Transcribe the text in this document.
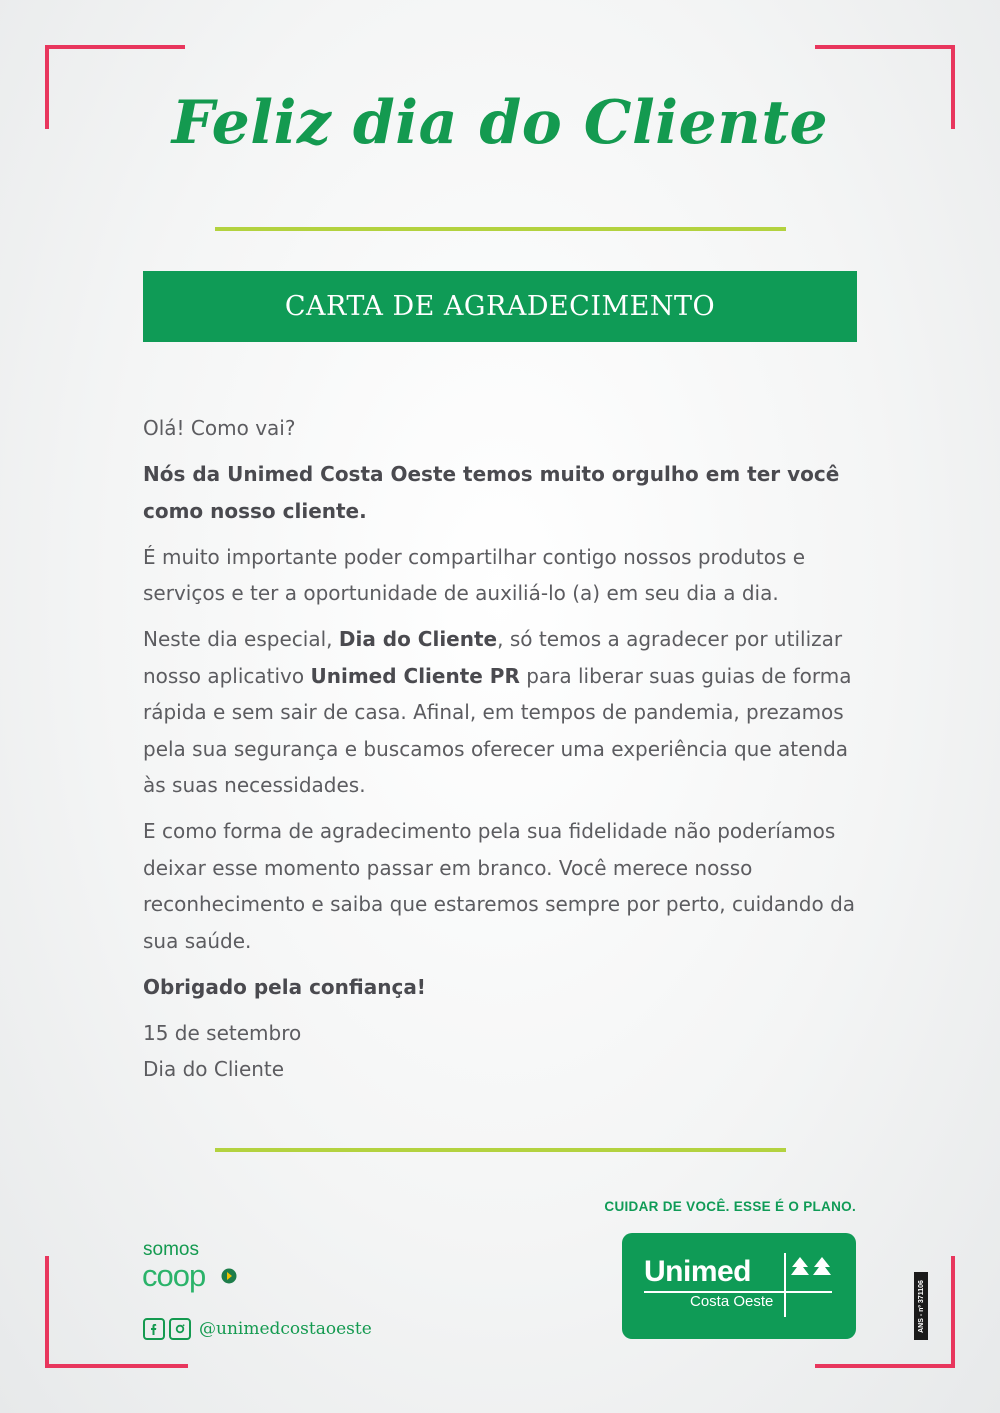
Feliz dia do Cliente
CARTA DE AGRADECIMENTO

Olá! Como vai?

Nós da Unimed Costa Oeste temos muito orgulho em ter você como nosso cliente.

É muito importante poder compartilhar contigo nossos produtos e serviços e ter a oportunidade de auxiliá-lo (a) em seu dia a dia.

Neste dia especial, Dia do Cliente, só temos a agradecer por utilizar nosso aplicativo Unimed Cliente PR para liberar suas guias de forma rápida e sem sair de casa. Afinal, em tempos de pandemia, prezamos pela sua segurança e buscamos oferecer uma experiência que atenda às suas necessidades.

E como forma de agradecimento pela sua fidelidade não poderíamos deixar esse momento passar em branco. Você merece nosso reconhecimento e saiba que estaremos sempre por perto, cuidando da sua saúde.

Obrigado pela confiança!

15 de setembro
Dia do Cliente

CUIDAR DE VOCÊ. ESSE É O PLANO.
Unimed
Costa Oeste	ANS - nº 371106
somos
coop
@unimedcostaoeste
